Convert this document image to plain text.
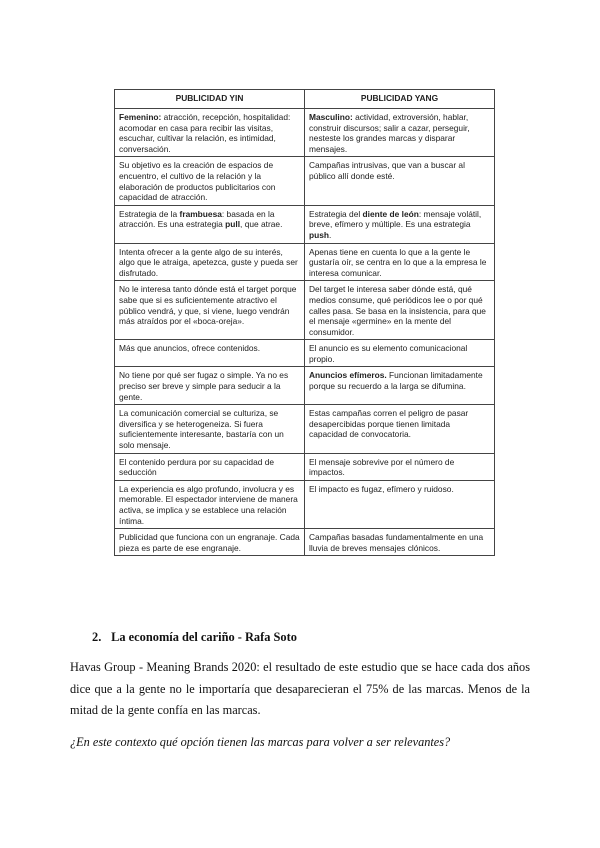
PUBLICIDAD YIN	PUBLICIDAD YANG
Femenino: atracción, recepción, hospitalidad: acomodar en casa para recibir las visitas, escuchar, cultivar la relación, es intimidad, conversación.	Masculino: actividad, extroversión, hablar, construir discursos; salir a cazar, perseguir, nesteste los grandes marcas y disparar mensajes.
Su objetivo es la creación de espacios de encuentro, el cultivo de la relación y la elaboración de productos publicitarios con capacidad de atracción.	Campañas intrusivas, que van a buscar al público allí donde esté.
Estrategia de la frambuesa: basada en la atracción. Es una estrategia pull, que atrae.	Estrategia del diente de león: mensaje volátil, breve, efímero y múltiple. Es una estrategia push.
Intenta ofrecer a la gente algo de su interés, algo que le atraiga, apetezca, guste y pueda ser disfrutado.	Apenas tiene en cuenta lo que a la gente le gustaría oír, se centra en lo que a la empresa le interesa comunicar.
No le interesa tanto dónde está el target porque sabe que si es suficientemente atractivo el público vendrá, y que, si viene, luego vendrán más atraídos por el «boca-oreja».	Del target le interesa saber dónde está, qué medios consume, qué periódicos lee o por qué calles pasa. Se basa en la insistencia, para que el mensaje «germine» en la mente del consumidor.
Más que anuncios, ofrece contenidos.	El anuncio es su elemento comunicacional propio.
No tiene por qué ser fugaz o simple. Ya no es preciso ser breve y simple para seducir a la gente.	Anuncios efímeros. Funcionan limitadamente porque su recuerdo a la larga se difumina.
La comunicación comercial se culturiza, se diversifica y se heterogeneiza. Si fuera suficientemente interesante, bastaría con un solo mensaje.	Estas campañas corren el peligro de pasar desapercibidas porque tienen limitada capacidad de convocatoria.
El contenido perdura por su capacidad de seducción	El mensaje sobrevive por el número de impactos.
La experiencia es algo profundo, involucra y es memorable. El espectador interviene de manera activa, se implica y se establece una relación íntima.	El impacto es fugaz, efímero y ruidoso.
Publicidad que funciona con un engranaje. Cada pieza es parte de ese engranaje.	Campañas basadas fundamentalmente en una lluvia de breves mensajes clónicos.
2. La economía del cariño - Rafa Soto
Havas Group - Meaning Brands 2020: el resultado de este estudio que se hace cada dos años dice que a la gente no le importaría que desaparecieran el 75% de las marcas. Menos de la mitad de la gente confía en las marcas.
¿En este contexto qué opción tienen las marcas para volver a ser relevantes?
